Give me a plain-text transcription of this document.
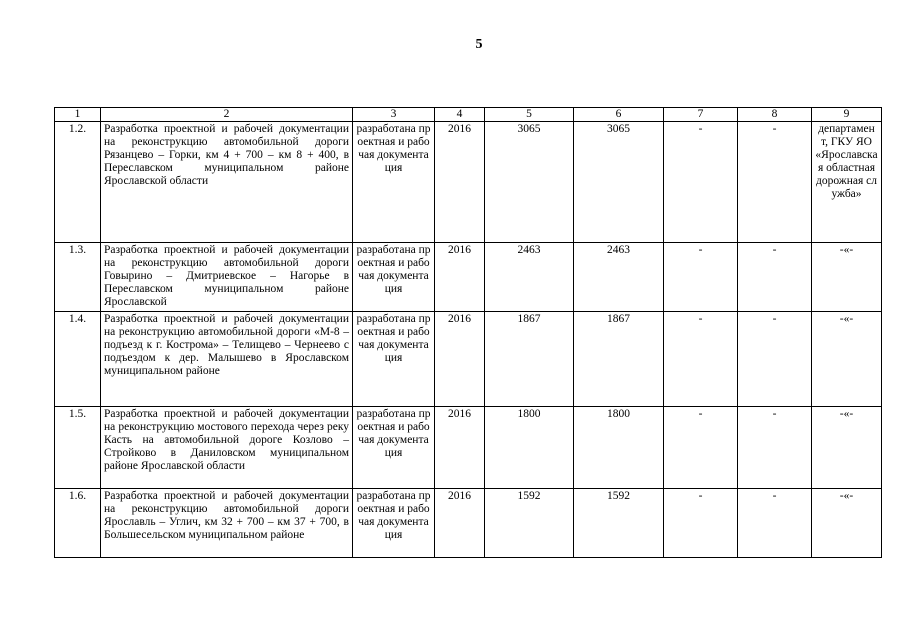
5
1	2	3	4	5	6	7	8	9
1.2.	Разработка проектной и рабочей документации на реконструкцию автомобильной дороги Рязанцево – Горки, км 4 + 700 – км 8 + 400, в Переславском муниципальном районе Ярославской области	разработана проектная и рабочая документация	2016	3065	3065	-	-	департамент, ГКУ ЯО «Ярославская областная дорожная служба»
1.3.	Разработка проектной и рабочей документации на реконструкцию автомобильной дороги Говырино – Дмитриевское – Нагорье в Переславском муниципальном районе Ярославской	разработана проектная и рабочая документация	2016	2463	2463	-	-	-«-
1.4.	Разработка проектной и рабочей документации на реконструкцию автомобильной дороги «М-8 – подъезд к г. Кострома» – Телищево – Чернеево с подъездом к дер. Малышево в Ярославском муниципальном районе	разработана проектная и рабочая документация	2016	1867	1867	-	-	-«-
1.5.	Разработка проектной и рабочей документации на реконструкцию мостового перехода через реку Касть на автомобильной дороге Козлово – Стройково в Даниловском муниципальном районе Ярославской области	разработана проектная и рабочая документация	2016	1800	1800	-	-	-«-
1.6.	Разработка проектной и рабочей документации на реконструкцию автомобильной дороги Ярославль – Углич, км 32 + 700 – км 37 + 700, в Большесельском муниципальном районе	разработана проектная и рабочая документация	2016	1592	1592	-	-	-«-
